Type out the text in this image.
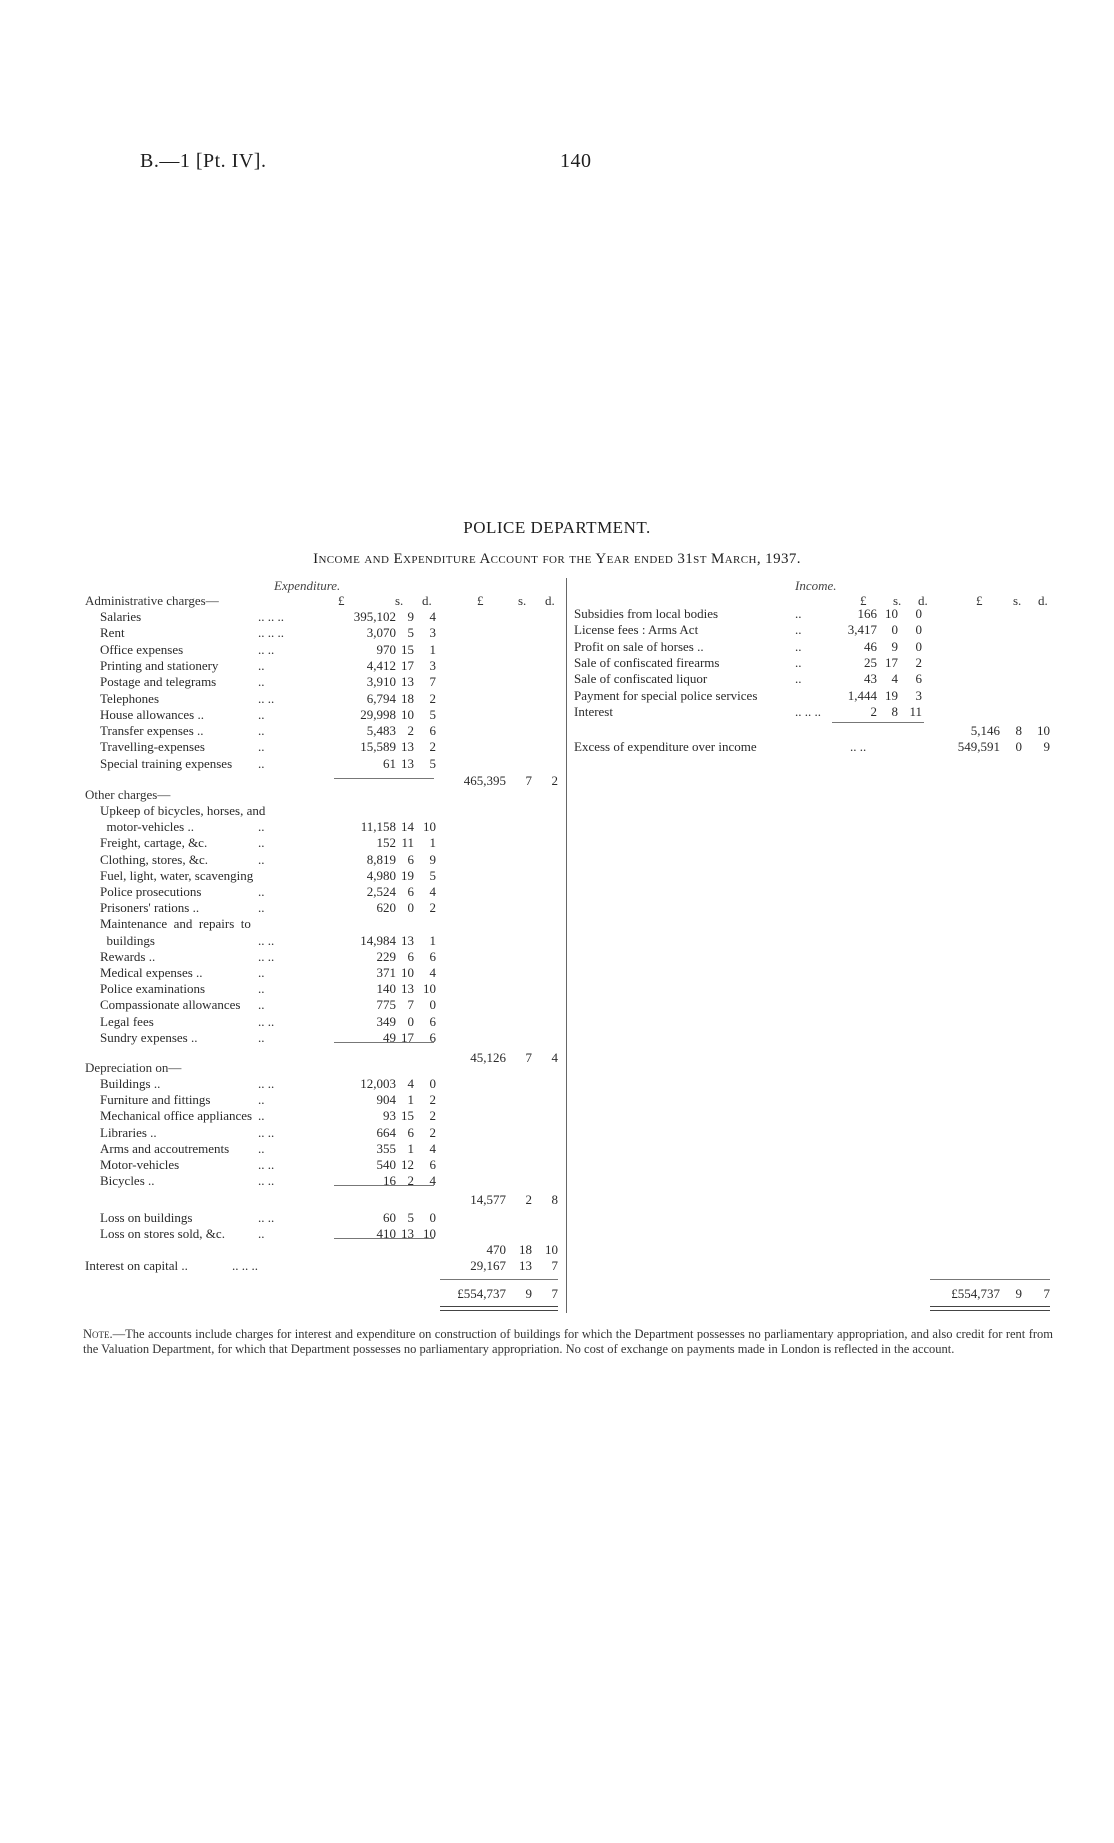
B.—1 [Pt. IV].	140
POLICE DEPARTMENT.
Income and Expenditure Account for the Year ended 31st March, 1937.
Expenditure.
£	s. d.	£	s. d.
Administrative charges—
Salaries	.. .. ..	395,102 9	4
Rent	.. .. ..	3,070 5	3
Office expenses	.. ..	970 15	1
Printing and stationery	..	4,412 17	3
Postage and telegrams	..	3,910 13	7
Telephones	.. ..	6,794 18	2
House allowances ..	..	29,998 10	5
Transfer expenses ..	..	5,483 2	6
Travelling-expenses	..	15,589 13	2
Special training expenses ..	61 13	5
465,395	7	2
Other charges—
Upkeep of bicycles, horses, and
motor-vehicles ..	..	11,158 14 10
Freight, cartage, &c.	..	152 11	1
Clothing, stores, &c.	..	8,819 6	9
Fuel, light, water, scavenging	4,980 19	5
Police prosecutions	..	2,524 6	4
Prisoners' rations ..	..	620 0	2
Maintenance  and  repairs  to
buildings	.. ..	14,984 13	1
Rewards ..	.. ..	229 6	6
Medical expenses ..	..	371 10	4
Police examinations	..	140 13 10
Compassionate allowances ..	775 7	0
Legal fees	.. ..	349 0	6
Sundry expenses ..	..	49 17	6
45,126	7	4
Depreciation on—
Buildings ..	.. ..	12,003 4	0
Furniture and fittings	..	904 1	2
Mechanical office appliances ..	93 15	2
Libraries ..	.. ..	664 6	2
Arms and accoutrements ..	355 1	4
Motor-vehicles	.. ..	540 12	6
Bicycles ..	.. ..	16 2	4
14,577	2	8
Loss on buildings	.. ..	60 5	0
Loss on stores sold, &c.	..	410 13 10
470	18	10
Interest on capital ..	.. .. ..	29,167	13	7
£554,737	9	7
Income.
£ s. d.	£ s. d.
Subsidies from local bodies	..	166 10	0
License fees : Arms Act	..	3,417	0	0
Profit on sale of horses ..	..	46	9	0
Sale of confiscated firearms	..	25 17	2
Sale of confiscated liquor	..	43	4	6
Payment for special police services	1,444 19	3
Interest	.. .. ..	2	8 11
5,146	8	10
Excess of expenditure over income	.. ..	549,591	0	9
£554,737	9	7
Note.—The accounts include charges for interest and expenditure on construction of buildings for which the Department possesses no parliamentary appropriation, and also credit for rent from the Valuation Department, for which that Department possesses no parliamentary appropriation. No cost of exchange on payments made in London is reflected in the account.
